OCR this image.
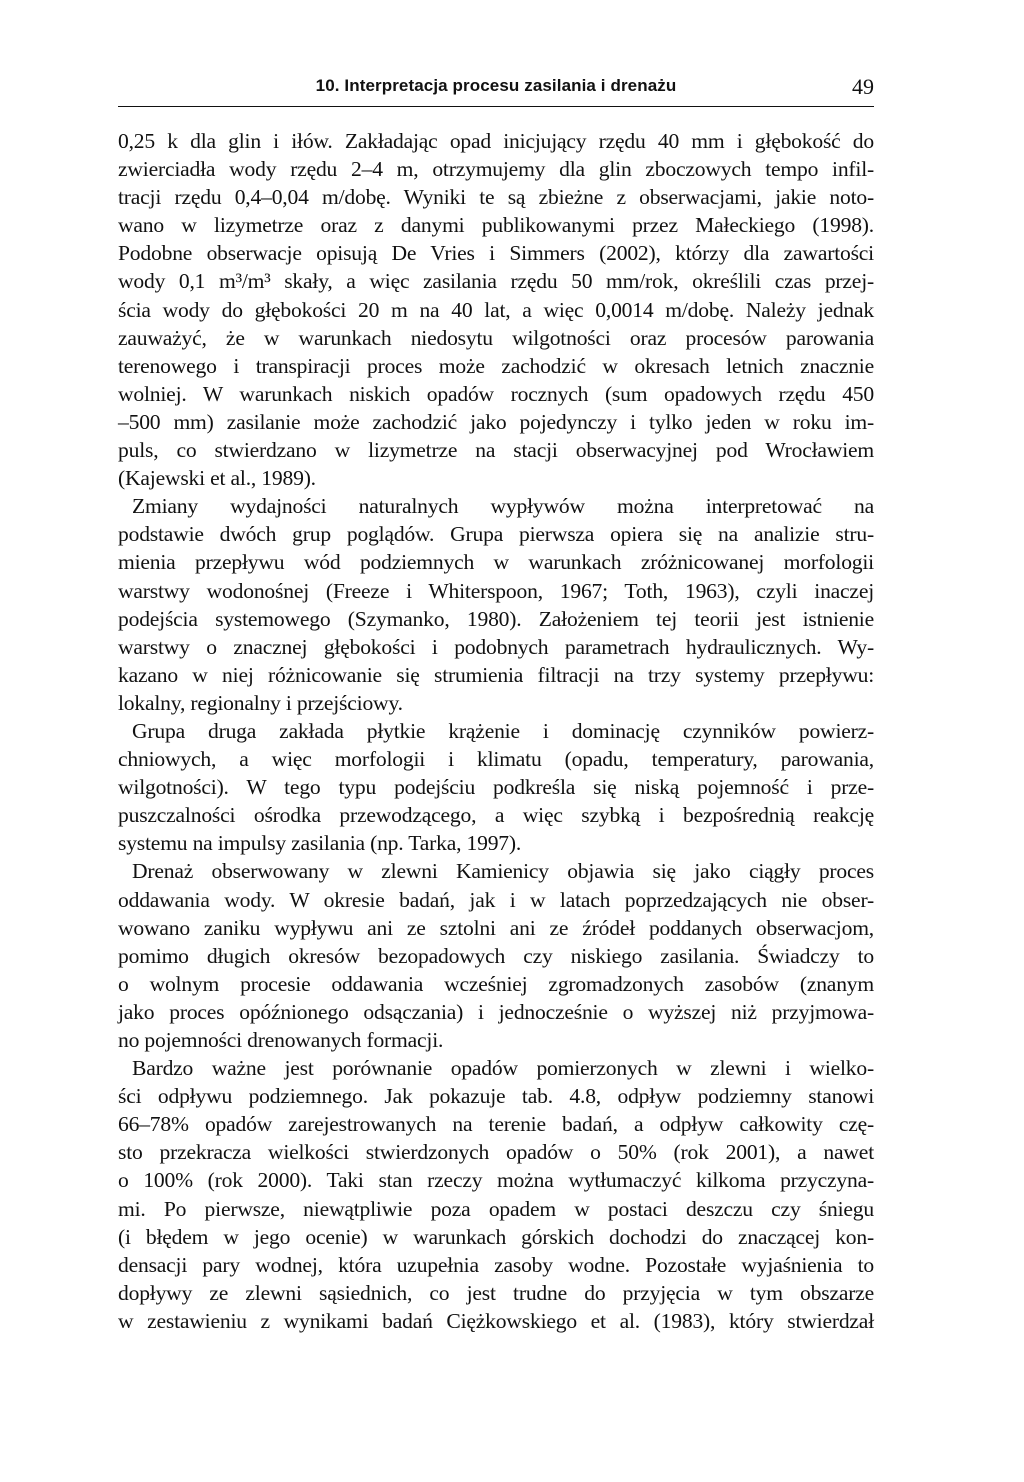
10. Interpretacja procesu zasilania i drenażu	49

0,25 k dla glin i iłów. Zakładając opad inicjujący rzędu 40 mm i głębokość do
zwierciadła wody rzędu 2–4 m, otrzymujemy dla glin zboczowych tempo infil-
tracji rzędu 0,4–0,04 m/dobę. Wyniki te są zbieżne z obserwacjami, jakie noto-
wano w lizymetrze oraz z danymi publikowanymi przez Małeckiego (1998).
Podobne obserwacje opisują De Vries i Simmers (2002), którzy dla zawartości
wody 0,1 m³/m³ skały, a więc zasilania rzędu 50 mm/rok, określili czas przej-
ścia wody do głębokości 20 m na 40 lat, a więc 0,0014 m/dobę. Należy jednak
zauważyć, że w warunkach niedosytu wilgotności oraz procesów parowania
terenowego i transpiracji proces może zachodzić w okresach letnich znacznie
wolniej. W warunkach niskich opadów rocznych (sum opadowych rzędu 450
–500 mm) zasilanie może zachodzić jako pojedynczy i tylko jeden w roku im-
puls, co stwierdzano w lizymetrze na stacji obserwacyjnej pod Wrocławiem
(Kajewski et al., 1989).

Zmiany wydajności naturalnych wypływów można interpretować na
podstawie dwóch grup poglądów. Grupa pierwsza opiera się na analizie stru-
mienia przepływu wód podziemnych w warunkach zróżnicowanej morfologii
warstwy wodonośnej (Freeze i Whiterspoon, 1967; Toth, 1963), czyli inaczej
podejścia systemowego (Szymanko, 1980). Założeniem tej teorii jest istnienie
warstwy o znacznej głębokości i podobnych parametrach hydraulicznych. Wy-
kazano w niej różnicowanie się strumienia filtracji na trzy systemy przepływu:
lokalny, regionalny i przejściowy.

Grupa druga zakłada płytkie krążenie i dominację czynników powierz-
chniowych, a więc morfologii i klimatu (opadu, temperatury, parowania,
wilgotności). W tego typu podejściu podkreśla się niską pojemność i prze-
puszczalności ośrodka przewodzącego, a więc szybką i bezpośrednią reakcję
systemu na impulsy zasilania (np. Tarka, 1997).

Drenaż obserwowany w zlewni Kamienicy objawia się jako ciągły proces
oddawania wody. W okresie badań, jak i w latach poprzedzających nie obser-
wowano zaniku wypływu ani ze sztolni ani ze źródeł poddanych obserwacjom,
pomimo długich okresów bezopadowych czy niskiego zasilania. Świadczy to
o wolnym procesie oddawania wcześniej zgromadzonych zasobów (znanym
jako proces opóźnionego odsączania) i jednocześnie o wyższej niż przyjmowa-
no pojemności drenowanych formacji.

Bardzo ważne jest porównanie opadów pomierzonych w zlewni i wielko-
ści odpływu podziemnego. Jak pokazuje tab. 4.8, odpływ podziemny stanowi
66–78% opadów zarejestrowanych na terenie badań, a odpływ całkowity czę-
sto przekracza wielkości stwierdzonych opadów o 50% (rok 2001), a nawet
o 100% (rok 2000). Taki stan rzeczy można wytłumaczyć kilkoma przyczyna-
mi. Po pierwsze, niewątpliwie poza opadem w postaci deszczu czy śniegu
(i błędem w jego ocenie) w warunkach górskich dochodzi do znaczącej kon-
densacji pary wodnej, która uzupełnia zasoby wodne. Pozostałe wyjaśnienia to
dopływy ze zlewni sąsiednich, co jest trudne do przyjęcia w tym obszarze
w zestawieniu z wynikami badań Ciężkowskiego et al. (1983), który stwierdzał
